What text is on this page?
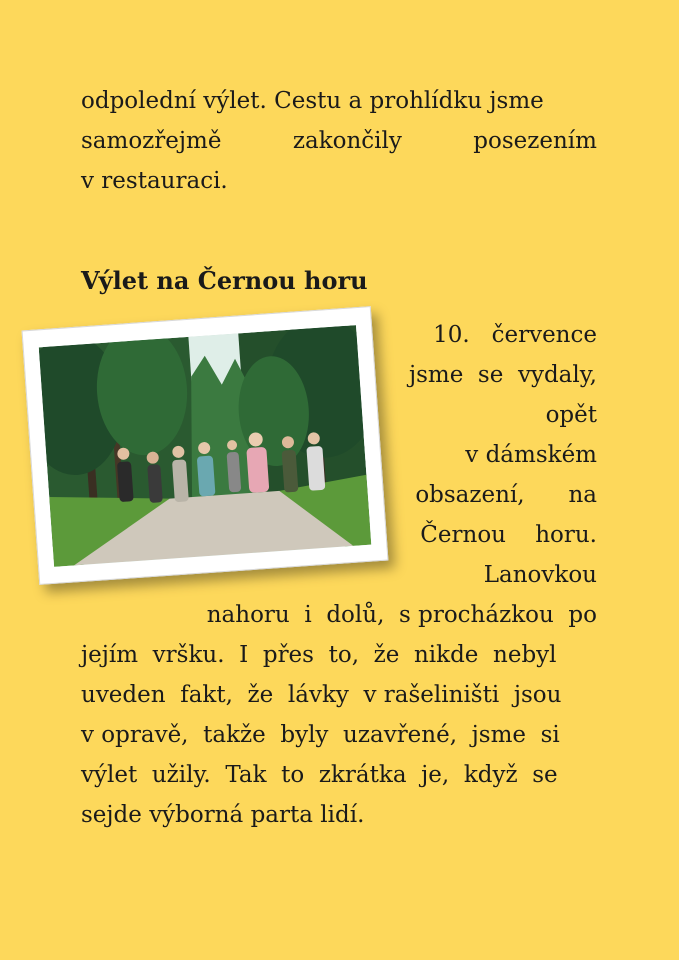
odpolední výlet. Cestu a prohlídku jsme
samozřejmě	zakončily	posezením
v restauraci.
Výlet na Černou horu
10.   července
jsme  se  vydaly,
opět
v dámském
obsazení,      na
Černou    horu.
Lanovkou
nahoru  i  dolů,  s procházkou  po
jejím  vršku.  I  přes  to,  že  nikde  nebyl
uveden  fakt,  že  lávky  v rašeliništi  jsou
v opravě,  takže  byly  uzavřené,  jsme  si
výlet  užily.  Tak  to  zkrátka  je,  když  se
sejde výborná parta lidí.
